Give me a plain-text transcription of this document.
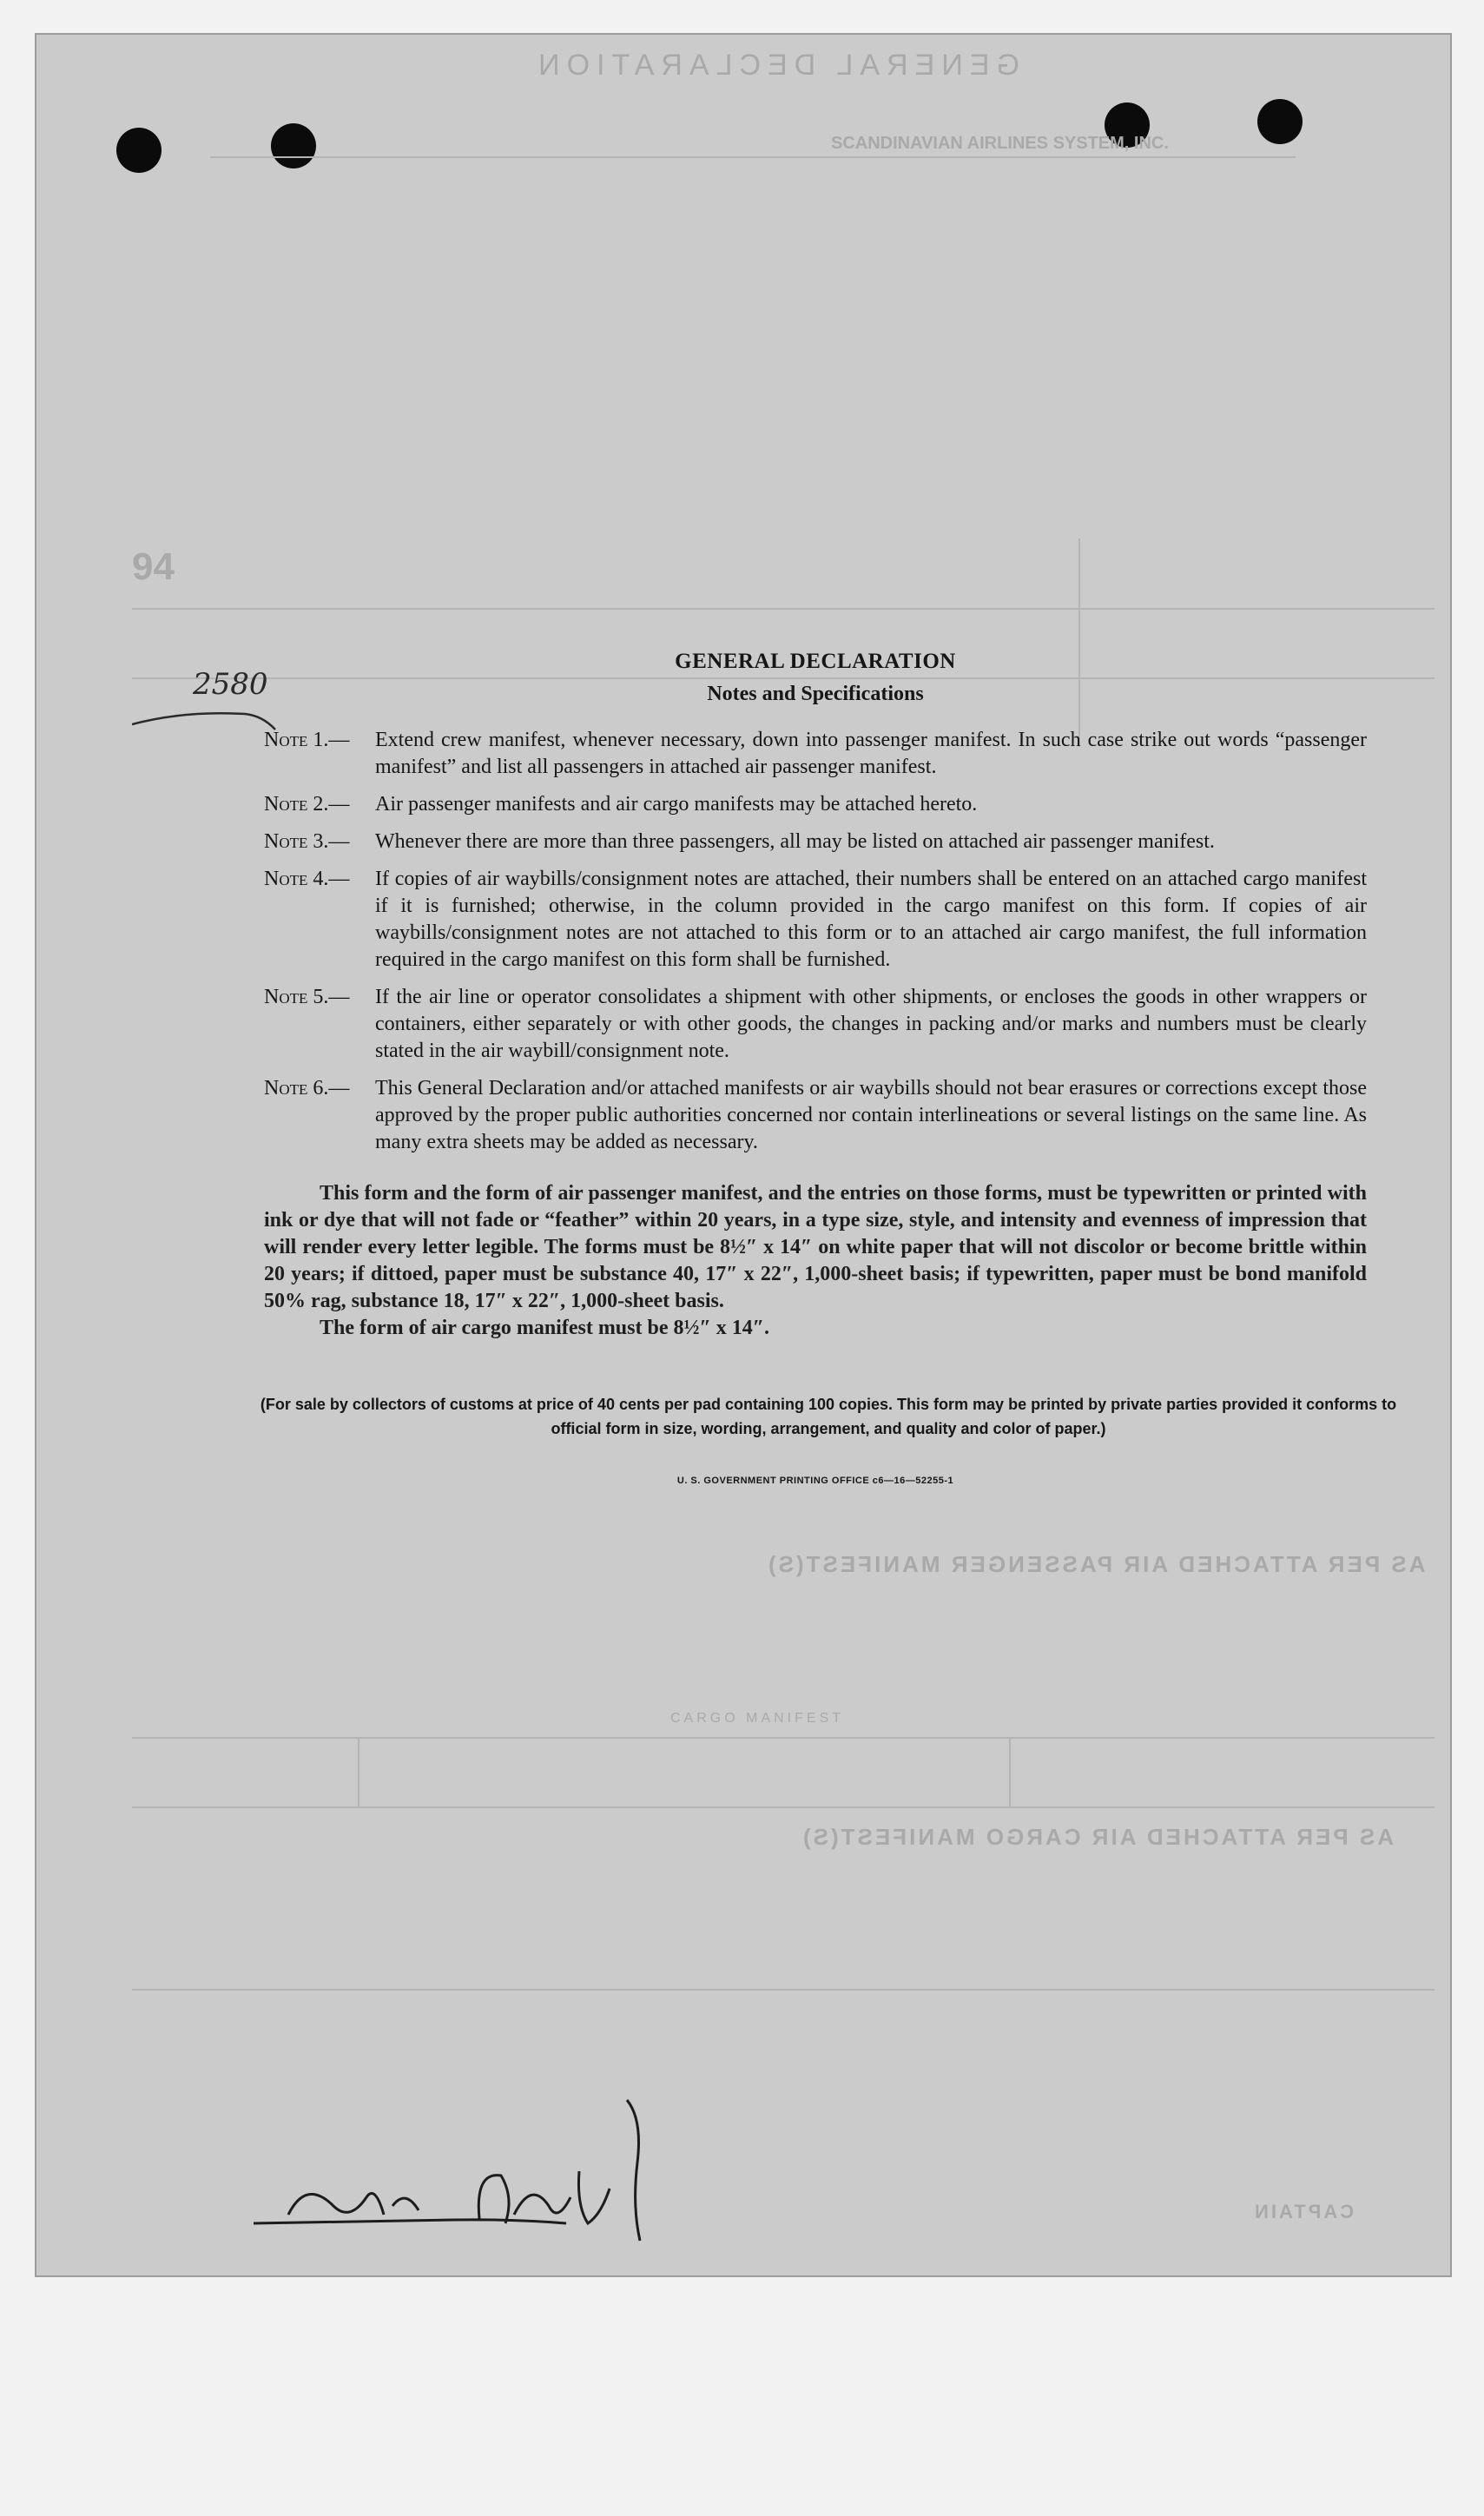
GENERAL DECLARATION
SCANDINAVIAN AIRLINES SYSTEM, INC.
94
AS PER ATTACHED AIR PASSENGER MANIFEST(S)
CARGO MANIFEST
AS PER ATTACHED AIR CARGO MANIFEST(S)
CAPTAIN
2580
GENERAL DECLARATION
Notes and Specifications
Note 1.—	Extend crew manifest, whenever necessary, down into passenger manifest. In such case strike out words “passenger manifest” and list all passengers in attached air passenger manifest.
Note 2.—	Air passenger manifests and air cargo manifests may be attached hereto.
Note 3.—	Whenever there are more than three passengers, all may be listed on attached air passenger manifest.
Note 4.—	If copies of air waybills/consignment notes are attached, their numbers shall be entered on an attached cargo manifest if it is furnished; otherwise, in the column provided in the cargo manifest on this form. If copies of air waybills/consignment notes are not attached to this form or to an attached air cargo manifest, the full information required in the cargo manifest on this form shall be furnished.
Note 5.—	If the air line or operator consolidates a shipment with other shipments, or encloses the goods in other wrappers or containers, either separately or with other goods, the changes in packing and/or marks and numbers must be clearly stated in the air waybill/consignment note.
Note 6.—	This General Declaration and/or attached manifests or air waybills should not bear erasures or corrections except those approved by the proper public authorities concerned nor contain interlineations or several listings on the same line. As many extra sheets may be added as necessary.
This form and the form of air passenger manifest, and the entries on those forms, must be typewritten or printed with ink or dye that will not fade or “feather” within 20 years, in a type size, style, and intensity and evenness of impression that will render every letter legible. The forms must be 8½″ x 14″ on white paper that will not discolor or become brittle within 20 years; if dittoed, paper must be substance 40, 17″ x 22″, 1,000-sheet basis; if typewritten, paper must be bond manifold 50% rag, substance 18, 17″ x 22″, 1,000-sheet basis.
The form of air cargo manifest must be 8½″ x 14″.
(For sale by collectors of customs at price of 40 cents per pad containing 100 copies. This form may be printed by private parties provided it conforms to official form in size, wording, arrangement, and quality and color of paper.)
U. S. GOVERNMENT PRINTING OFFICE c6—16—52255-1
